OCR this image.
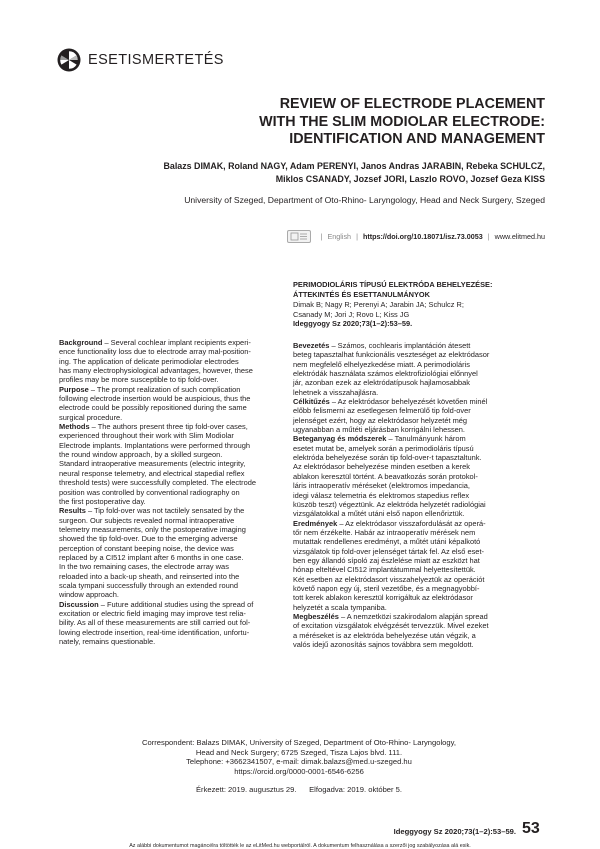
ESETISMERTETÉS
REVIEW OF ELECTRODE PLACEMENT
WITH THE SLIM MODIOLAR ELECTRODE:
IDENTIFICATION AND MANAGEMENT
Balazs DIMAK, Roland NAGY, Adam PERENYI, Janos Andras JARABIN, Rebeka SCHULCZ,
Miklos CSANADY, Jozsef JORI, Laszlo ROVO, Jozsef Geza KISS
University of Szeged, Department of Oto-Rhino- Laryngology, Head and Neck Surgery, Szeged
| English | https://doi.org/10.18071/isz.73.0053 | www.elitmed.hu
PERIMODIOLÁRIS TÍPUSÚ ELEKTRÓDA BEHELYEZÉSE:
ÁTTEKINTÉS ÉS ESETTANULMÁNYOK
Dimak B; Nagy R; Perenyi A; Jarabin JA; Schulcz R;
Csanady M; Jori J; Rovo L; Kiss JG
Ideggyogy Sz 2020;73(1–2):53–59.
Background – Several cochlear implant recipients experi-
ence functionality loss due to electrode array mal-position-
ing. The application of delicate perimodiolar electrodes
has many electrophysiological advantages, however, these
profiles may be more susceptible to tip fold-over.
Purpose – The prompt realization of such complication
following electrode insertion would be auspicious, thus the
electrode could be possibly repositioned during the same
surgical procedure.
Methods – The authors present three tip fold-over cases,
experienced throughout their work with Slim Modiolar
Electrode implants. Implantations were performed through
the round window approach, by a skilled surgeon.
Standard intraoperative measurements (electric integrity,
neural response telemetry, and electrical stapedial reflex
threshold tests) were successfully completed. The electrode
position was controlled by conventional radiography on
the first postoperative day.
Results – Tip fold-over was not tactilely sensated by the
surgeon. Our subjects revealed normal intraoperative
telemetry measurements, only the postoperative imaging
showed the tip fold-over. Due to the emerging adverse
perception of constant beeping noise, the device was
replaced by a CI512 implant after 6 months in one case.
In the two remaining cases, the electrode array was
reloaded into a back-up sheath, and reinserted into the
scala tympani successfully through an extended round
window approach.
Discussion – Future additional studies using the spread of
excitation or electric field imaging may improve test relia-
bility. As all of these measurements are still carried out fol-
lowing electrode insertion, real-time identification, unfortu-
nately, remains questionable.
Bevezetés – Számos, cochlearis implantáción átesett
beteg tapasztalhat funkcionális veszteséget az elektródasor
nem megfelelő elhelyezkedése miatt. A perimodioláris
elektródák használata számos elektrofiziológiai előnnyel
jár, azonban ezek az elektródatípusok hajlamosabbak
lehetnek a visszahajlásra.
Célkitűzés – Az elektródasor behelyezését követően minél
előbb felismerni az esetlegesen felmerülő tip fold-over
jelenséget ezért, hogy az elektródasor helyzetét még
ugyanabban a műtéti eljárásban korrigálni lehessen.
Beteganyag és módszerek – Tanulmányunk három
esetet mutat be, amelyek során a perimodioláris típusú
elektróda behelyezése során tip fold-over-t tapasztaltunk.
Az elektródasor behelyezése minden esetben a kerek
ablakon keresztül történt. A beavatkozás során protokol-
láris intraoperatív méréseket (elektromos impedancia,
idegi válasz telemetria és elektromos stapedius reflex
küszöb teszt) végeztünk. Az elektróda helyzetét radiológiai
vizsgálatokkal a műtét utáni első napon ellenőriztük.
Eredmények – Az elektródasor visszafordulását az operá-
tőr nem érzékelte. Habár az intraoperatív mérések nem
mutattak rendellenes eredményt, a műtét utáni képalkotó
vizsgálatok tip fold-over jelenséget tártak fel. Az első eset-
ben egy állandó sípoló zaj észlelése miatt az eszközt hat
hónap elteltével CI512 implantátummal helyettesítettük.
Két esetben az elektródasort visszahelyeztük az operációt
követő napon egy új, steril vezetőbe, és a megnagyobbí-
tott kerek ablakon keresztül korrigáltuk az elektródasor
helyzetét a scala tympaniba.
Megbeszélés – A nemzetközi szakirodalom alapján spread
of excitation vizsgálatok elvégzését tervezzük. Mivel ezeket
a méréseket is az elektróda behelyezése után végzik, a
valós idejű azonosítás sajnos továbbra sem megoldott.
Correspondent: Balazs DIMAK, University of Szeged, Department of Oto-Rhino- Laryngology,
Head and Neck Surgery; 6725 Szeged, Tisza Lajos blvd. 111.
Telephone: +3662341507, e-mail: dimak.balazs@med.u-szeged.hu
https://orcid.org/0000-0001-6546-6256
Érkezett: 2019. augusztus 29.      Elfogadva: 2019. október 5.
Ideggyogy Sz 2020;73(1–2):53–59. 53
Az alábbi dokumentumot magáncélra töltötték le az eLitMed.hu webportálról. A dokumentum felhasználása a szerzői jog szabályozása alá esik.
